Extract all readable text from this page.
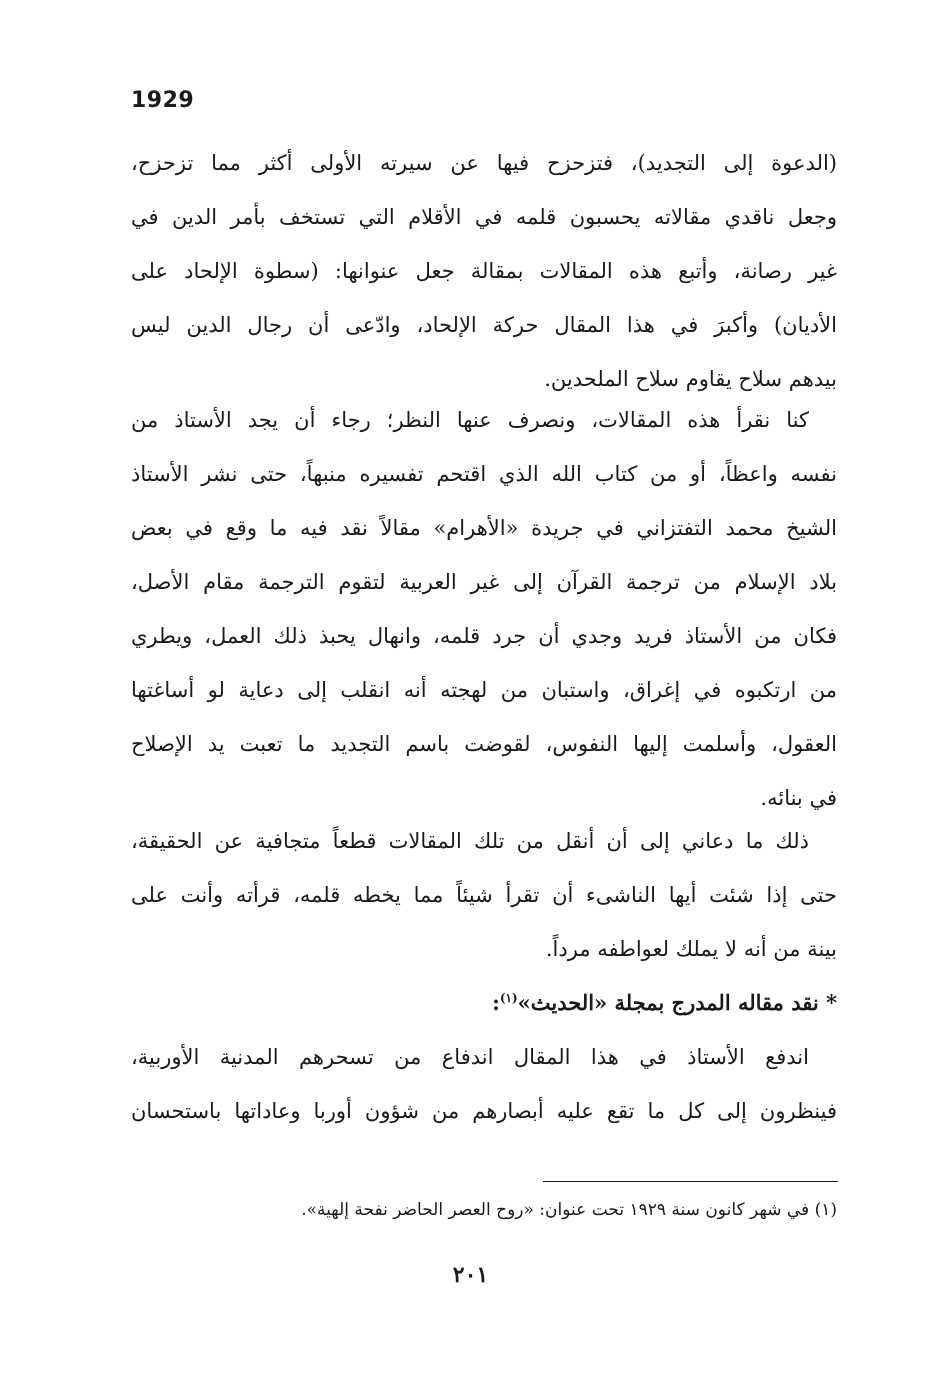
1929
(الدعوة إلى التجديد)، فتزحزح فيها عن سيرته الأولى أكثر مما تزحزح،
وجعل ناقدي مقالاته يحسبون قلمه في الأقلام التي تستخف بأمر الدين في
غير رصانة، وأتبع هذه المقالات بمقالة جعل عنوانها: (سطوة الإلحاد على
الأديان) وأكبرَ في هذا المقال حركة الإلحاد، وادّعى أن رجال الدين ليس
بيدهم سلاح يقاوم سلاح الملحدين.
كنا نقرأ هذه المقالات، ونصرف عنها النظر؛ رجاء أن يجد الأستاذ من
نفسه واعظاً، أو من كتاب الله الذي اقتحم تفسيره منبهاً، حتى نشر الأستاذ
الشيخ محمد التفتزاني في جريدة «الأهرام» مقالاً نقد فيه ما وقع في بعض
بلاد الإسلام من ترجمة القرآن إلى غير العربية لتقوم الترجمة مقام الأصل،
فكان من الأستاذ فريد وجدي أن جرد قلمه، وانهال يحبذ ذلك العمل، ويطري
من ارتكبوه في إغراق، واستبان من لهجته أنه انقلب إلى دعاية لو أساغتها
العقول، وأسلمت إليها النفوس، لقوضت باسم التجديد ما تعبت يد الإصلاح
في بنائه.
ذلك ما دعاني إلى أن أنقل من تلك المقالات قطعاً متجافية عن الحقيقة،
حتى إذا شئت أيها الناشىء أن تقرأ شيئاً مما يخطه قلمه، قرأته وأنت على
بينة من أنه لا يملك لعواطفه مرداً.
* نقد مقاله المدرج بمجلة «الحديث»$^{(١)}$:
اندفع الأستاذ في هذا المقال اندفاع من تسحرهم المدنية الأوربية،
فينظرون إلى كل ما تقع عليه أبصارهم من شؤون أوربا وعاداتها باستحسان
(١) في شهر كانون سنة ١٩٢٩ تحت عنوان: «روح العصر الحاضر نفحة إلهية».
٢٠١
